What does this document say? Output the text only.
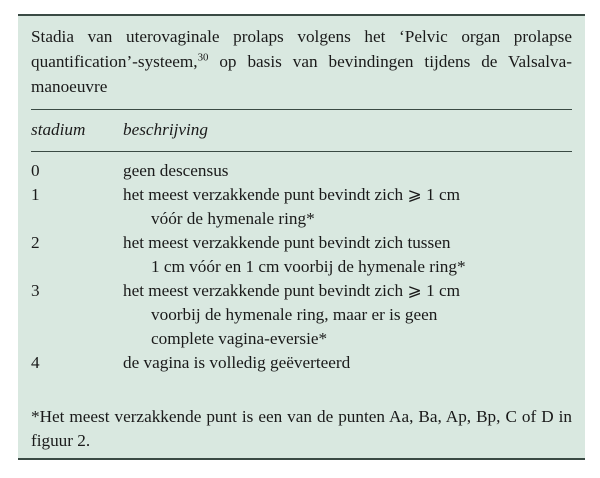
Stadia van uterovaginale prolaps volgens het ‘Pelvic organ prolapse quantification’-systeem,$^{30}$ op basis van bevindingen tijdens de Valsalva-manoeuvre
stadium	beschrijving
0	geen descensus
1	het meest verzakkende punt bevindt zich ⩾ 1 cm
vóór de hymenale ring*
2	het meest verzakkende punt bevindt zich tussen
1 cm vóór en 1 cm voorbij de hymenale ring*
3	het meest verzakkende punt bevindt zich ⩾ 1 cm
voorbij de hymenale ring, maar er is geen
complete vagina-eversie*
4	de vagina is volledig geëverteerd
*Het meest verzakkende punt is een van de punten Aa, Ba, Ap, Bp, C of D in figuur 2.
